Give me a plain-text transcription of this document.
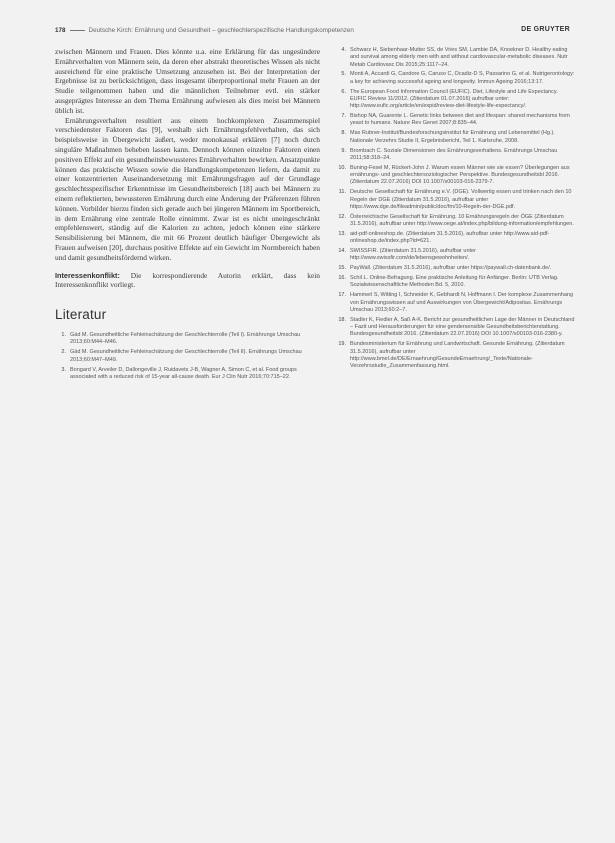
178	Deutsche Kirch: Ernährung und Gesundheit – geschlechterspezifische Handlungskompetenzen	DE GRUYTER

zwischen Männern und Frauen. Dies könnte u.a. eine Erklärung für das ungesündere Ernährverhalten von Männern sein, da deren eher abstrakt theoretisches Wissen als nicht ausreichend für eine praktische Umsetzung anzusehen ist. Bei der Interpretation der Ergebnisse ist zu berücksichtigen, dass insgesamt überproportional mehr Frauen an der Studie teilgenommen haben und die männlichen Teilnehmer evtl. ein stärker ausgeprägtes Interesse an dem Thema Ernährung aufwiesen als dies meist bei Männern üblich ist.

Ernährungsverhalten resultiert aus einem hochkomplexen Zusammenspiel verschiedenster Faktoren das [9], weshalb sich Ernährungsfehlverhalten, das sich beispielsweise in Übergewicht äußert, weder monokausal erklären [7] noch durch singuläre Maßnahmen beheben lassen kann. Dennoch können einzelne Faktoren einen positiven Effekt auf ein gesundheitsbewussteres Ernährverhalten bewirken. Ansatzpunkte können das praktische Wissen sowie die Handlungskompetenzen liefern, da damit zu einer konzentrierten Auseinandersetzung mit Ernährungsfragen auf der Grundlage geschlechtsspezifischer Erkenntnisse im Gesundheitsbereich [18] auch bei Männern zu einem reflektierten, bewussteren Ernährung durch eine Änderung der Präferenzen führen können. Vorbilder hierzu finden sich gerade auch bei jüngeren Männern im Sportbereich, in dem Ernährung eine zentrale Rolle einnimmt. Zwar ist es nicht uneingeschränkt empfehlenswert, ständig auf die Kalorien zu achten, jedoch können eine stärkere Sensibilisierung bei Männern, die mit 66 Prozent deutlich häufiger Übergewicht als Frauen aufweisen [20], durchaus positive Effekte auf ein Gewicht im Normbereich haben und damit gesundheitsfördernd wirken.

Interessenkonflikt: Die korrespondierende Autorin erklärt, dass kein Interessenkonflikt vorliegt.

Literatur
1. Gäd M. Gesundheitliche Fehleinschätzung der Geschlechterrolle (Teil I). Ernährungs Umschau 2013;60:M44–M46.
2. Gäd M. Gesundheitliche Fehleinschätzung der Geschlechterrolle (Teil II). Ernährungs Umschau 2013;60:M47–M49.
3. Bongard V, Arveiler D, Dallongeville J, Ruidavets J-B, Wagner A, Simon C, et al. Food groups associated with a reduced risk of 15-year all-cause death. Eur J Clin Nutr 2016;70:715–22.
4. Schwarz H, Siebenhaar-Mutter SS, de Vries SM, Lambie DA, Knoekner D. Healthy eating and survival among elderly men with and without cardiovascular-metabolic diseases. Nutr Metab Cardiovasc Dis 2015;25:1117–24.
5. Monti A, Accardi G, Candore G, Caruso C, Ocadiz-D S, Passarino G, et al. Nutrigerontology: a key for achieving successful ageing and longevity. Immun Ageing 2016;13:17.
6. The European Food Information Council (EUFIC). Diet, Lifestyle and Life Expectancy. EUFIC Review 11/2012. (Zitierdatum 01.07.2016) aufrufbar unter: http://www.eufic.org/article/en/expid/review-diet-lifestyle-life-expectancy/.
7. Bishop NA, Guarente L. Genetic links between diet and lifespan: shared mechanisms from yeast to humans. Nature Rev Genet 2007;8:835–44.
8. Max Rubner-Institut/Bundesforschungsinstitut für Ernährung und Lebensmittel (Hg.). Nationale Verzehrs Studie II, Ergebnisbericht, Teil 1. Karlsruhe, 2008.
9. Brombach C. Soziale Dimensionen des Ernährungsverhaltens. Ernährungs Umschau 2011;58:318–24.
10. Buning-Fesel M, Rückert-John J. Warum essen Männer wie sie essen? Überlegungen aus ernährungs- und geschlechtersoziologischer Perspektive. Bundesgesundheitsbl 2016. (Zitierdatum 22.07.2016) DOI 10.1007/s00103-016-2379-7.
11. Deutsche Gesellschaft für Ernährung e.V. (DGE). Vollwertig essen und trinken nach den 10 Regeln der DGE (Zitierdatum 31.5.2016), aufrufbar unter https://www.dge.de/fileadmin/public/doc/fm/10-Regeln-der-DGE.pdf.
12. Österreichische Gesellschaft für Ernährung. 10 Ernährungsregeln der ÖGE (Zitierdatum 31.5.2016), aufrufbar unter http://www.oege.at/index.php/bildung-information/empfehlungen.
13. aid-pdf-onlineshop.de. (Zitierdatum 31.5.2016), aufrufbar unter http://www.aid-pdf-onlineshop.de/index.php?id=621.
14. SWISSFIR. (Zitierdatum 31.5.2016), aufrufbar unter http://www.swissfir.com/de/lebensgewohnheiten/.
15. PayWall. (Zitierdatum 31.5.2016), aufrufbar unter https://paywall.ch-datenbank.de/.
16. Schil L. Online-Befragung. Eine praktische Anleitung für Anfänger. Berlin: UTB Verlag. Sozialwissenschaftliche Methoden Bd. 5, 2010.
17. Hammerl S, Witting I, Schneider K, Gebhardt N, Hoffmann I. Der komplexe Zusammenhang von Ernährungswissen auf und Auswirkungen von Übergewicht/Adipositas. Ernährungs Umschau 2013;60:2–7.
18. Stadler K, Fiedler A, Saß A-K. Bericht zur gesundheitlichen Lage der Männer in Deutschland – Fazit und Herausforderungen für eine gendersensible Gesundheitsberichterstattung. Bundesgesundheitsbl 2016. (Zitierdatum 22.07.2016) DOI 10.1007/s00103-016-2380-y.
19. Bundesministerium für Ernährung und Landwirtschaft. Gesunde Ernährung. (Zitierdatum 31.5.2016), aufrufbar unter http://www.bmel.de/DE/Ernaehrung/GesundeErnaehrung/_Texte/Nationale-Verzehrsstudie_Zusammenfassung.html.
